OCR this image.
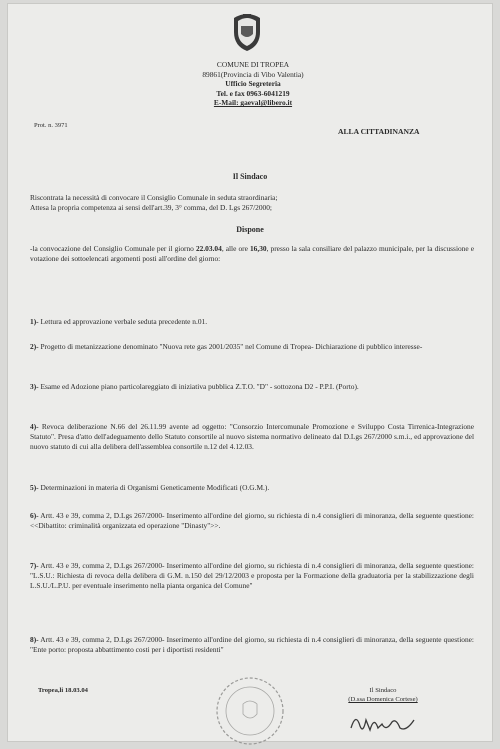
COMUNE DI TROPEA
89861(Provincia di Vibo Valentia)
Ufficio Segreteria
Tel. e fax 0963-6041219
E-Mail: gaeval@libero.it
Prot. n. 3971
ALLA CITTADINANZA
Il Sindaco
Riscontrata la necessità di convocare il Consiglio Comunale in seduta straordinaria;
Attesa la propria competenza ai sensi dell'art.39, 3° comma, del D. Lgs 267/2000;
Dispone
-la convocazione del Consiglio Comunale per il giorno 22.03.04, alle ore 16,30, presso la sala consiliare del palazzo municipale, per la discussione e votazione dei sottoelencati argomenti posti all'ordine del giorno:
1)- Lettura ed approvazione verbale seduta precedente n.01.
2)- Progetto di metanizzazione denominato "Nuova rete gas 2001/2035" nel Comune di Tropea- Dichiarazione di pubblico interesse-
3)- Esame ed Adozione piano particolareggiato di iniziativa pubblica Z.T.O. "D" - sottozona D2 - P.P.I. (Porto).
4)- Revoca deliberazione N.66 del 26.11.99 avente ad oggetto: "Consorzio Intercomunale Promozione e Sviluppo Costa Tirrenica-Integrazione Statuto". Presa d'atto dell'adeguamento dello Statuto consortile al nuovo sistema normativo delineato dal D.Lgs 267/2000 s.m.i., ed approvazione del nuovo statuto di cui alla delibera dell'assemblea consortile n.12 del 4.12.03.
5)- Determinazioni in materia di Organismi Geneticamente Modificati (O.G.M.).
6)- Artt. 43 e 39, comma 2, D.Lgs 267/2000- Inserimento all'ordine del giorno, su richiesta di n.4 consiglieri di minoranza, della seguente questione: <<Dibattito: criminalità organizzata ed operazione "Dinasty">>.
7)- Artt. 43 e 39, comma 2, D.Lgs 267/2000- Inserimento all'ordine del giorno, su richiesta di n.4 consiglieri di minoranza, della seguente questione: "L.S.U.: Richiesta di revoca della delibera di G.M. n.150 del 29/12/2003 e proposta per la Formazione della graduatoria per la stabilizzazione degli L.S.U./L.P.U. per eventuale inserimento nella pianta organica del Comune"
8)- Artt. 43 e 39, comma 2, D.Lgs 267/2000- Inserimento all'ordine del giorno, su richiesta di n.4 consiglieri di minoranza, della seguente questione: "Ente porto: proposta abbattimento costi per i diportisti residenti"
Tropea,li 18.03.04	Il Sindaco
(D.ssa Domenica Cortese)
